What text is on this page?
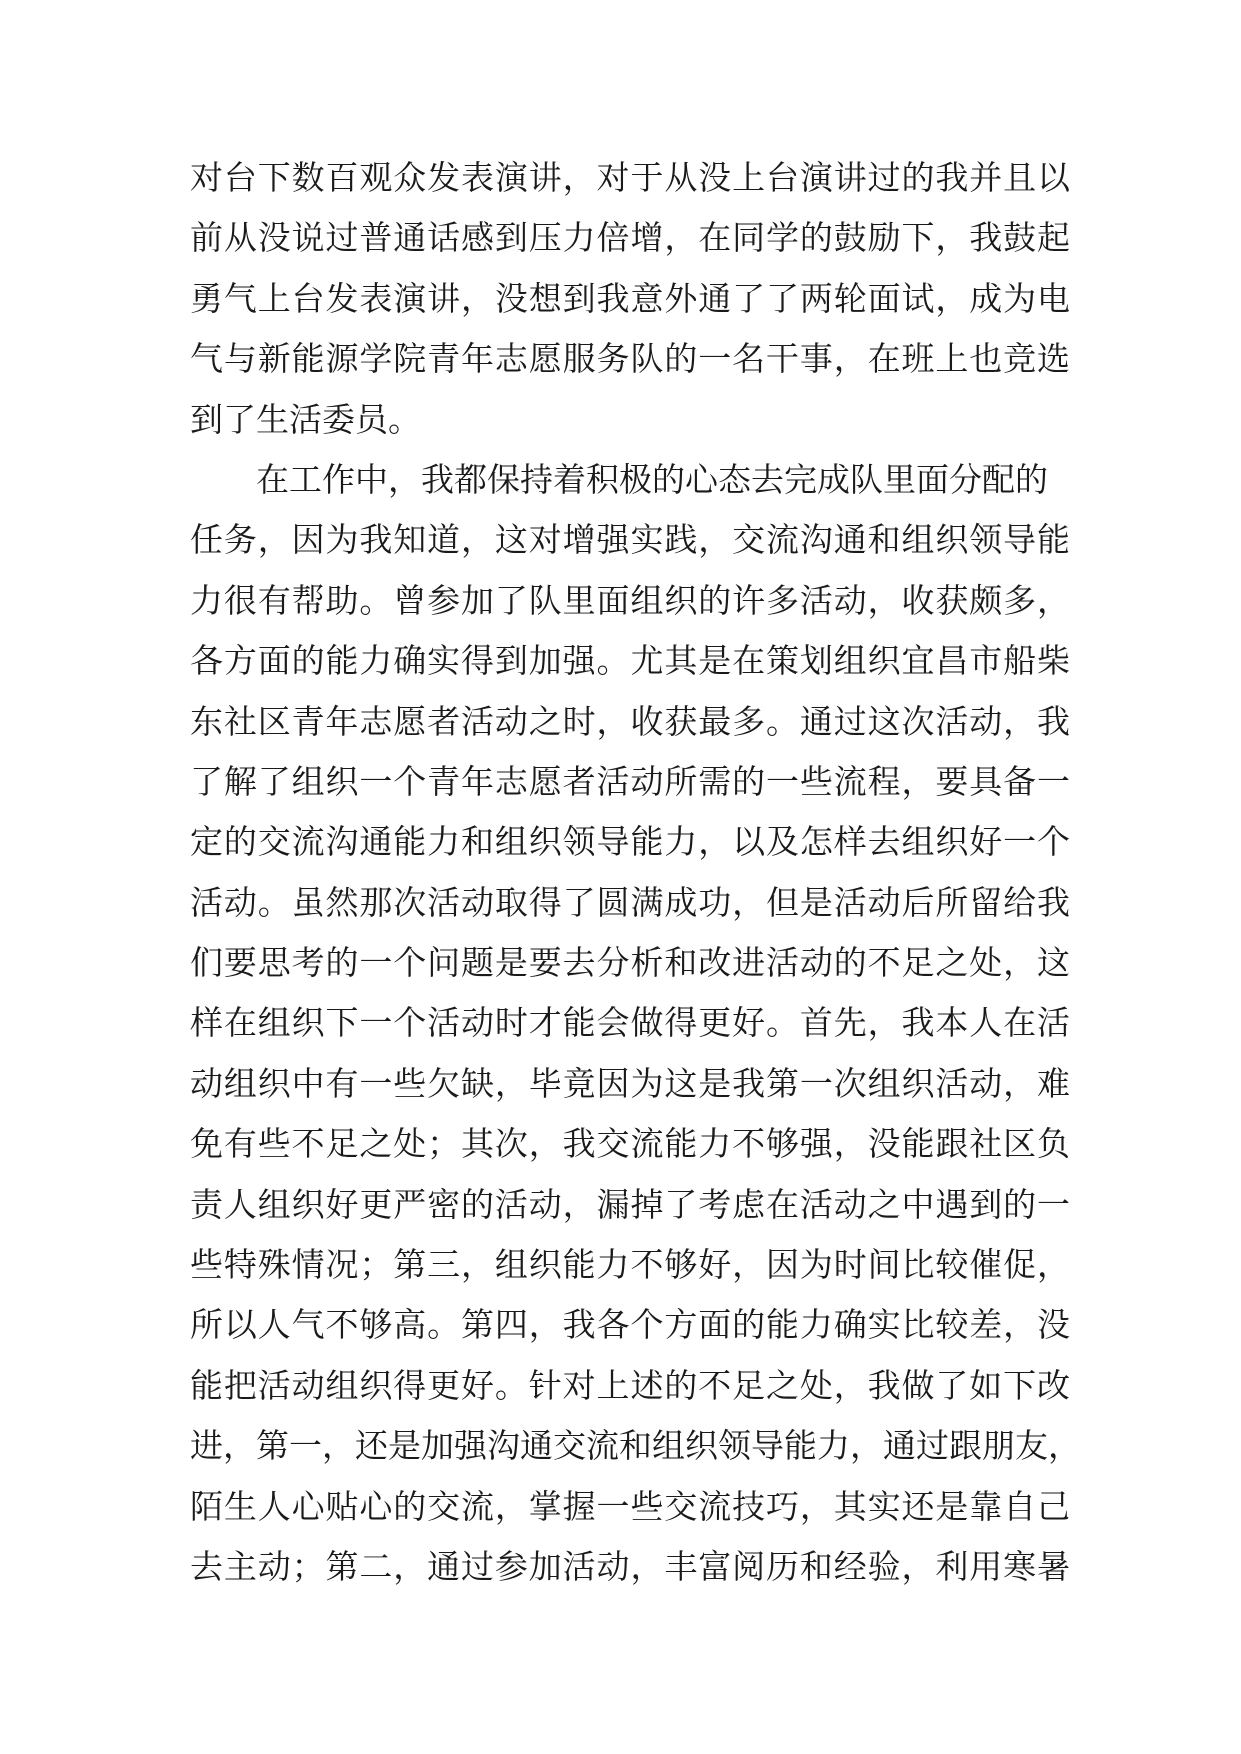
对台下数百观众发表演讲，对于从没上台演讲过的我并且以
前从没说过普通话感到压力倍增，在同学的鼓励下，我鼓起
勇气上台发表演讲，没想到我意外通了了两轮面试，成为电
气与新能源学院青年志愿服务队的一名干事，在班上也竞选
到了生活委员。
在工作中，我都保持着积极的心态去完成队里面分配的
任务，因为我知道，这对增强实践，交流沟通和组织领导能
力很有帮助。曾参加了队里面组织的许多活动，收获颇多，
各方面的能力确实得到加强。尤其是在策划组织宜昌市船柴
东社区青年志愿者活动之时，收获最多。通过这次活动，我
了解了组织一个青年志愿者活动所需的一些流程，要具备一
定的交流沟通能力和组织领导能力，以及怎样去组织好一个
活动。虽然那次活动取得了圆满成功，但是活动后所留给我
们要思考的一个问题是要去分析和改进活动的不足之处，这
样在组织下一个活动时才能会做得更好。首先，我本人在活
动组织中有一些欠缺，毕竟因为这是我第一次组织活动，难
免有些不足之处；其次，我交流能力不够强，没能跟社区负
责人组织好更严密的活动，漏掉了考虑在活动之中遇到的一
些特殊情况；第三，组织能力不够好，因为时间比较催促，
所以人气不够高。第四，我各个方面的能力确实比较差，没
能把活动组织得更好。针对上述的不足之处，我做了如下改
进，第一，还是加强沟通交流和组织领导能力，通过跟朋友，
陌生人心贴心的交流，掌握一些交流技巧，其实还是靠自己
去主动；第二，通过参加活动，丰富阅历和经验，利用寒暑
